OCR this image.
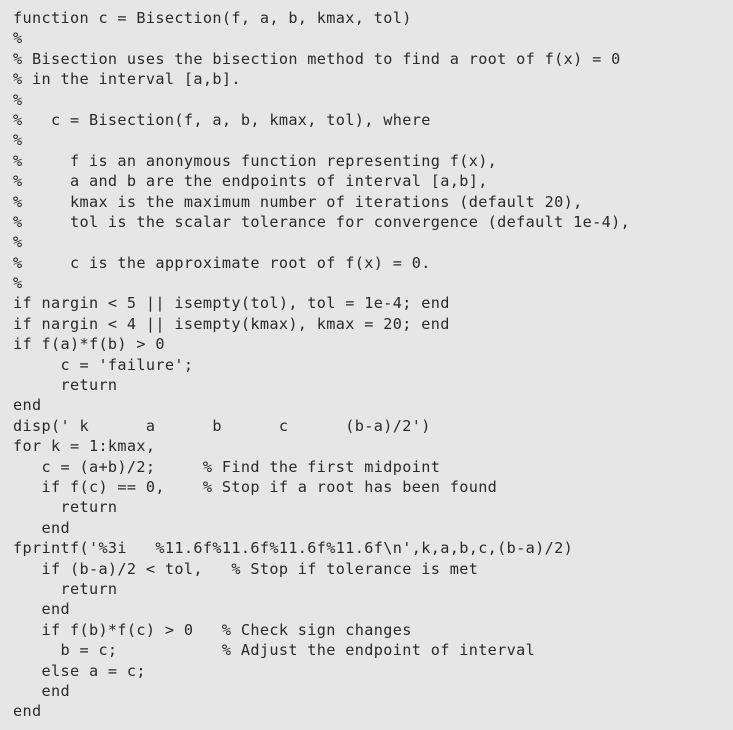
function c = Bisection(f, a, b, kmax, tol)
%
% Bisection uses the bisection method to find a root of f(x) = 0
% in the interval [a,b].
%
%   c = Bisection(f, a, b, kmax, tol), where
%
%     f is an anonymous function representing f(x),
%     a and b are the endpoints of interval [a,b],
%     kmax is the maximum number of iterations (default 20),
%     tol is the scalar tolerance for convergence (default 1e-4),
%
%     c is the approximate root of f(x) = 0.
%
if nargin < 5 || isempty(tol), tol = 1e-4; end
if nargin < 4 || isempty(kmax), kmax = 20; end
if f(a)*f(b) > 0
c = 'failure';
return
end
disp(' k      a      b      c      (b-a)/2')
for k = 1:kmax,
c = (a+b)/2;     % Find the first midpoint
if f(c) == 0,    % Stop if a root has been found
return
end
fprintf('%3i   %11.6f%11.6f%11.6f%11.6f\n',k,a,b,c,(b-a)/2)
if (b-a)/2 < tol,   % Stop if tolerance is met
return
end
if f(b)*f(c) > 0   % Check sign changes
b = c;           % Adjust the endpoint of interval
else a = c;
end
end
